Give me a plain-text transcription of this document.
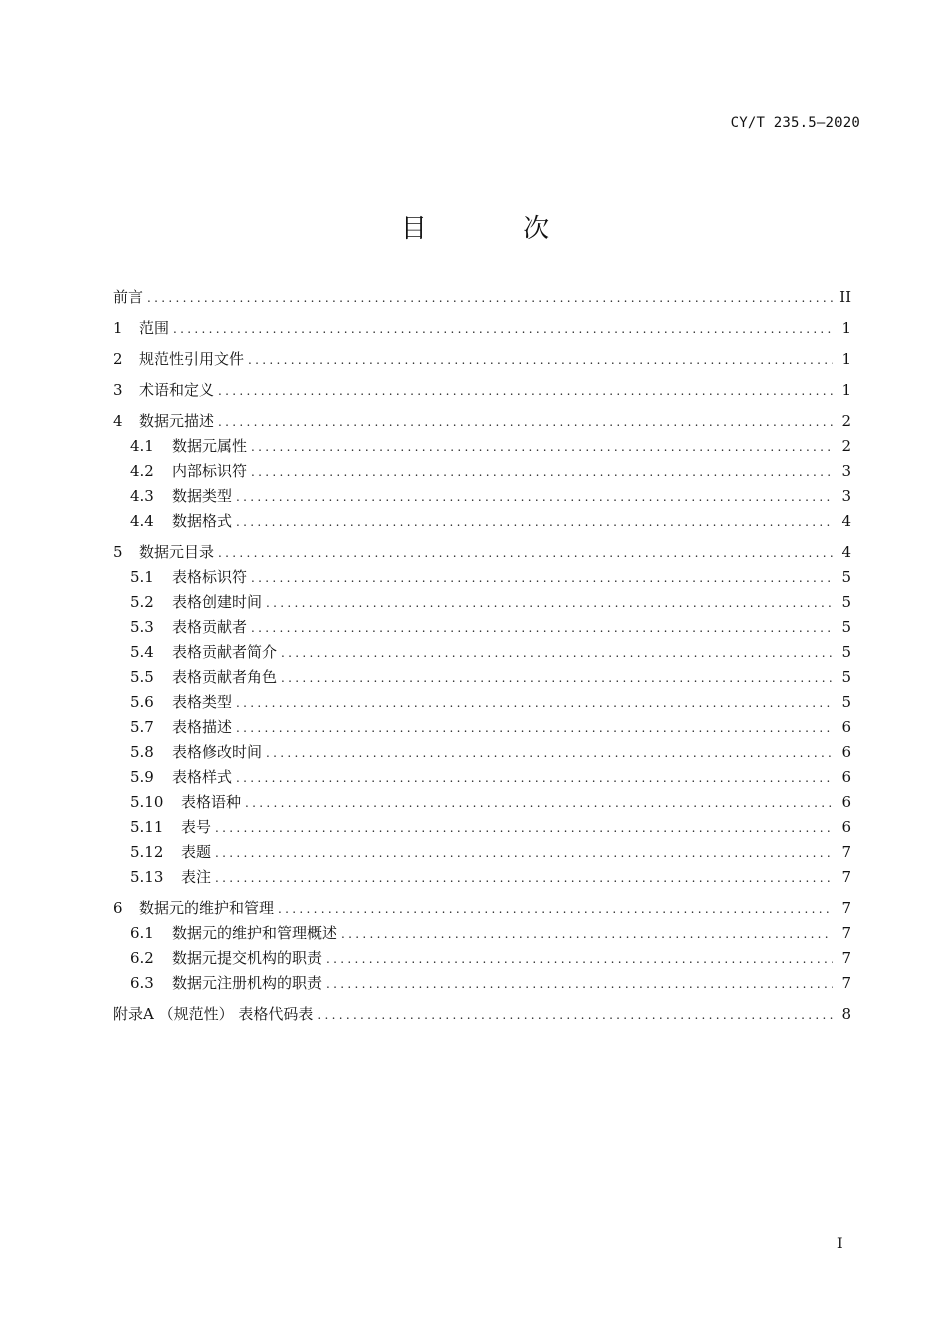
CY/T 235.5—2020
目 次
前言 .....	II
1	范围 .....	1
2	规范性引用文件 .....	1
3	术语和定义 .....	1
4	数据元描述 .....	2
4.1	数据元属性 .....	2
4.2	内部标识符 .....	3
4.3	数据类型 .....	3
4.4	数据格式 .....	4
5	数据元目录 .....	4
5.1	表格标识符 .....	5
5.2	表格创建时间 .....	5
5.3	表格贡献者 .....	5
5.4	表格贡献者简介 .....	5
5.5	表格贡献者角色 .....	5
5.6	表格类型 .....	5
5.7	表格描述 .....	6
5.8	表格修改时间 .....	6
5.9	表格样式 .....	6
5.10	表格语种 .....	6
5.11	表号 .....	6
5.12	表题 .....	7
5.13	表注 .....	7
6	数据元的维护和管理 .....	7
6.1	数据元的维护和管理概述 .....	7
6.2	数据元提交机构的职责 .....	7
6.3	数据元注册机构的职责 .....	7
附录A （规范性） 表格代码表 .....	8
I
